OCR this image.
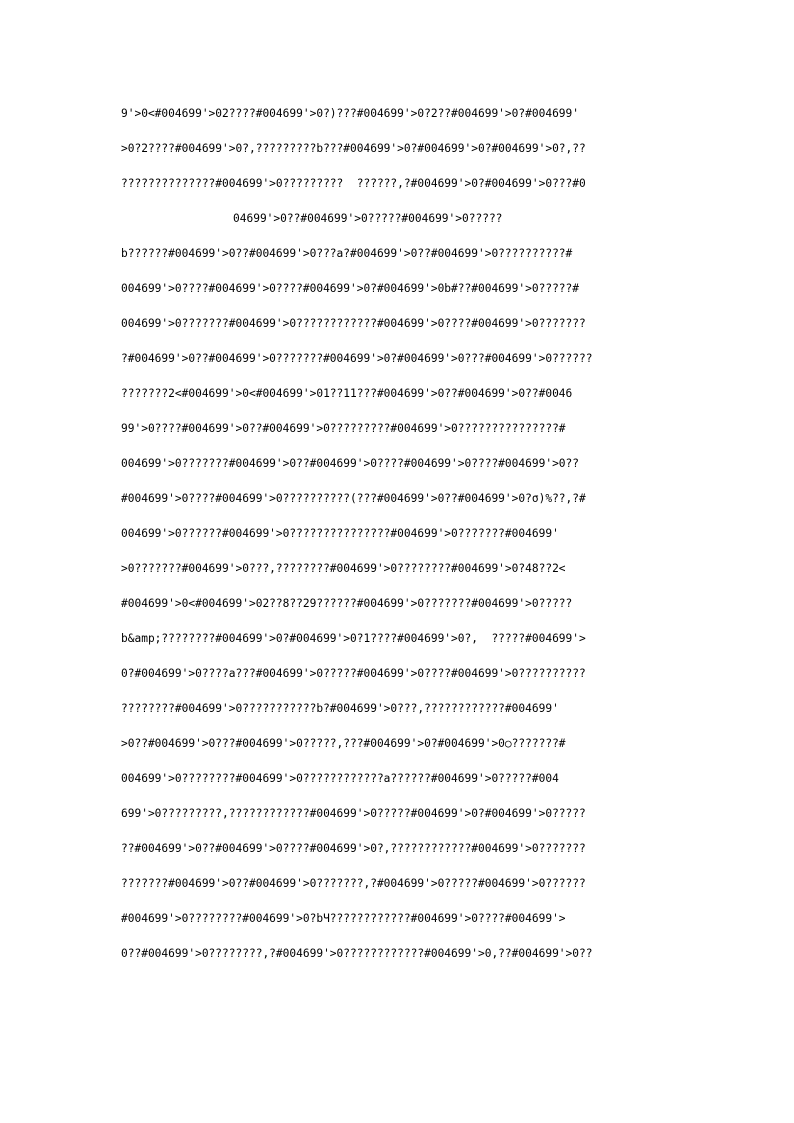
9'>0<#004699'>02????#004699'>0?)???#004699'>0?2??#004699'>0?#004699'
>0?2????#004699'>0?,?????????b???#004699'>0?#004699'>0?#004699'>0?,??
??????????????#004699'>0?????????  ??????,?#004699'>0?#004699'>0???#0
04699'>0??#004699'>0?????#004699'>0?????
b??????#004699'>0??#004699'>0???a?#004699'>0??#004699'>0??????????#
004699'>0????#004699'>0????#004699'>0?#004699'>0b#??#004699'>0?????#
004699'>0???????#004699'>0????????????#004699'>0????#004699'>0???????
?#004699'>0??#004699'>0???????#004699'>0?#004699'>0???#004699'>0??????
???????2<#004699'>0<#004699'>01??11???#004699'>0??#004699'>0??#0046
99'>0????#004699'>0??#004699'>0?????????#004699'>0???????????????#
004699'>0???????#004699'>0??#004699'>0????#004699'>0????#004699'>0??
#004699'>0????#004699'>0??????????(???#004699'>0??#004699'>0?σ)%??,?#
004699'>0??????#004699'>0???????????????#004699'>0???????#004699'
>0???????#004699'>0???,????????#004699'>0????????#004699'>0?48??2<
#004699'>0<#004699'>02??8??29??????#004699'>0???????#004699'>0?????
b&amp;????????#004699'>0?#004699'>0?1????#004699'>0?,  ?????#004699'>
0?#004699'>0????a???#004699'>0?????#004699'>0????#004699'>0??????????
????????#004699'>0???????????b?#004699'>0???,????????????#004699'
>0??#004699'>0???#004699'>0?????,???#004699'>0?#004699'>0○???????#
004699'>0????????#004699'>0????????????a??????#004699'>0?????#004
699'>0?????????,????????????#004699'>0?????#004699'>0?#004699'>0?????
??#004699'>0??#004699'>0????#004699'>0?,????????????#004699'>0???????
???????#004699'>0??#004699'>0???????,?#004699'>0?????#004699'>0??????
#004699'>0????????#004699'>0?bЧ????????????#004699'>0????#004699'>
0??#004699'>0????????,?#004699'>0????????????#004699'>0,??#004699'>0??
